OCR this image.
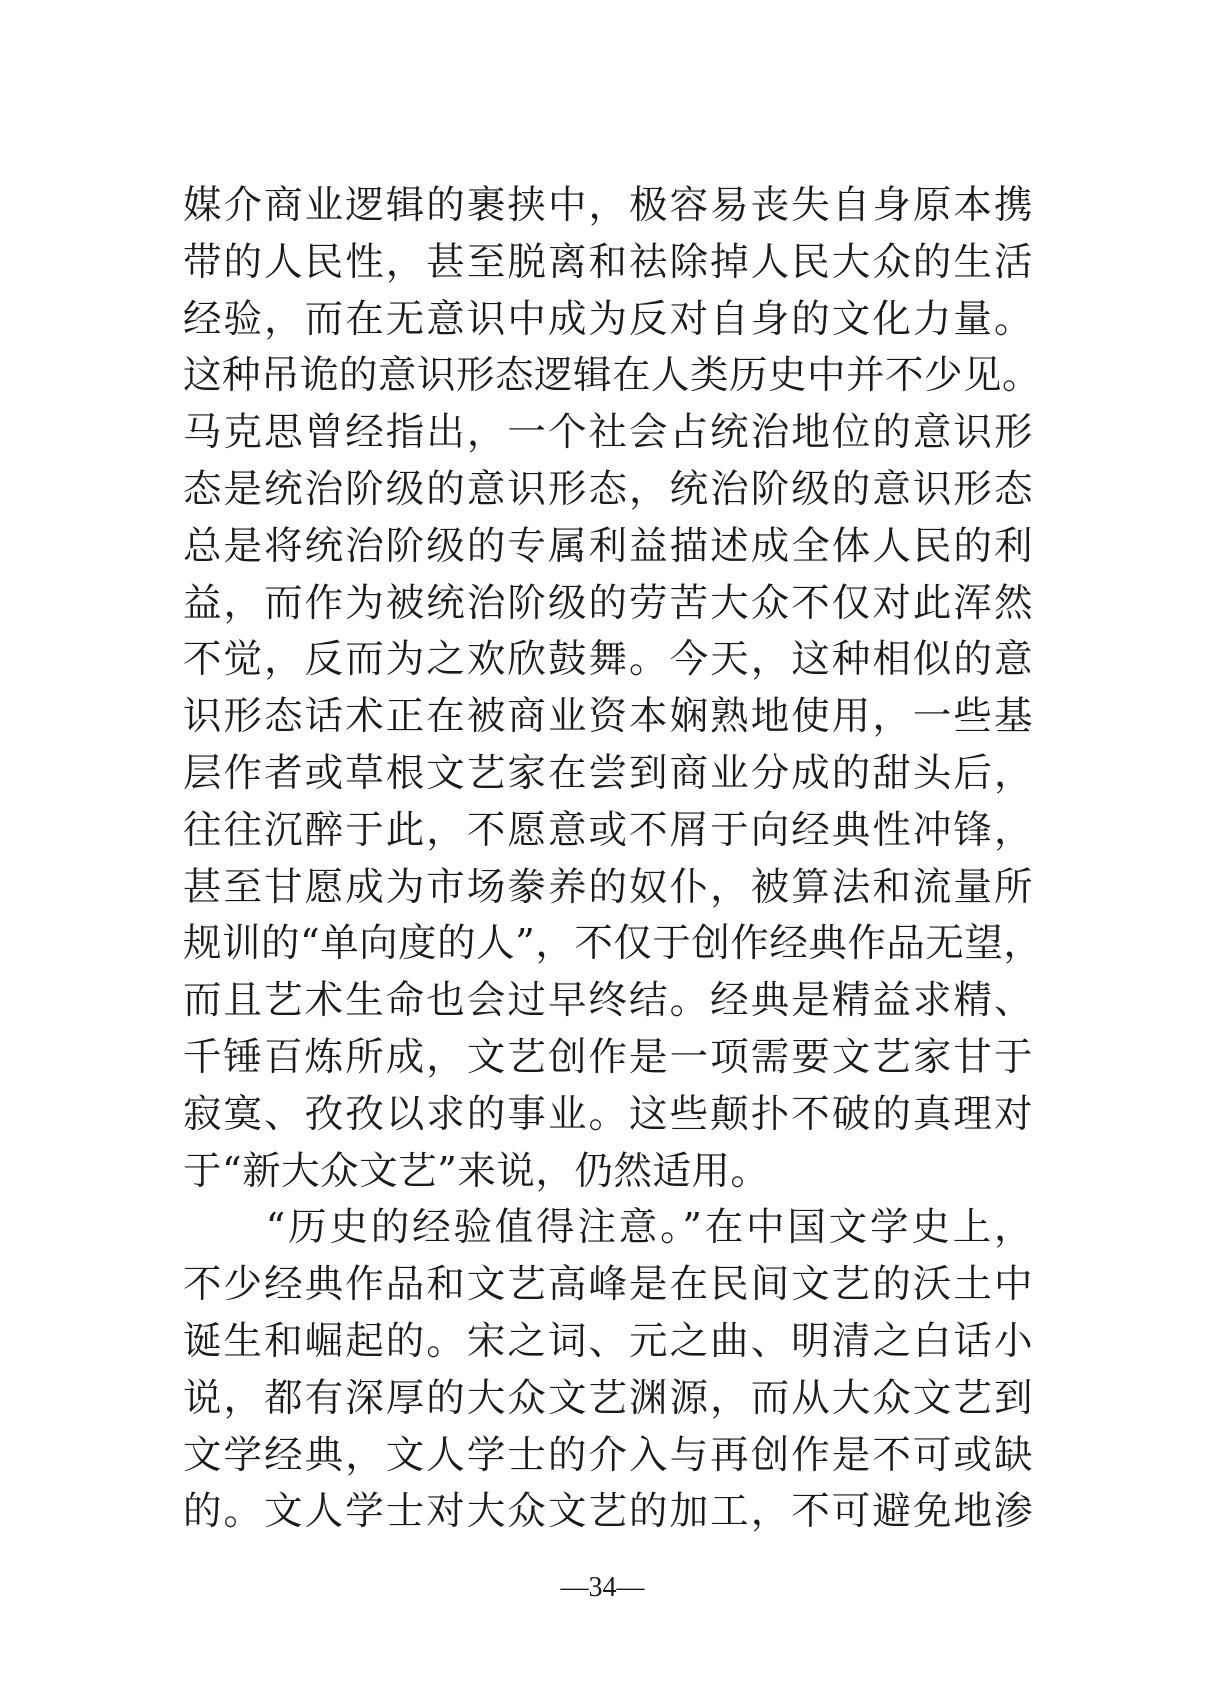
媒介商业逻辑的裹挟中，极容易丧失自身原本携
带的人民性，甚至脱离和祛除掉人民大众的生活
经验，而在无意识中成为反对自身的文化力量。
这种吊诡的意识形态逻辑在人类历史中并不少见。
马克思曾经指出，一个社会占统治地位的意识形
态是统治阶级的意识形态，统治阶级的意识形态
总是将统治阶级的专属利益描述成全体人民的利
益，而作为被统治阶级的劳苦大众不仅对此浑然
不觉，反而为之欢欣鼓舞。今天，这种相似的意
识形态话术正在被商业资本娴熟地使用，一些基
层作者或草根文艺家在尝到商业分成的甜头后，
往往沉醉于此，不愿意或不屑于向经典性冲锋，
甚至甘愿成为市场豢养的奴仆，被算法和流量所
规训的“单向度的人”，不仅于创作经典作品无望，
而且艺术生命也会过早终结。经典是精益求精、
千锤百炼所成，文艺创作是一项需要文艺家甘于
寂寞、孜孜以求的事业。这些颠扑不破的真理对
于“新大众文艺”来说，仍然适用。
　　“历史的经验值得注意。”在中国文学史上，
不少经典作品和文艺高峰是在民间文艺的沃土中
诞生和崛起的。宋之词、元之曲、明清之白话小
说，都有深厚的大众文艺渊源，而从大众文艺到
文学经典，文人学士的介入与再创作是不可或缺
的。文人学士对大众文艺的加工，不可避免地渗
—34—
